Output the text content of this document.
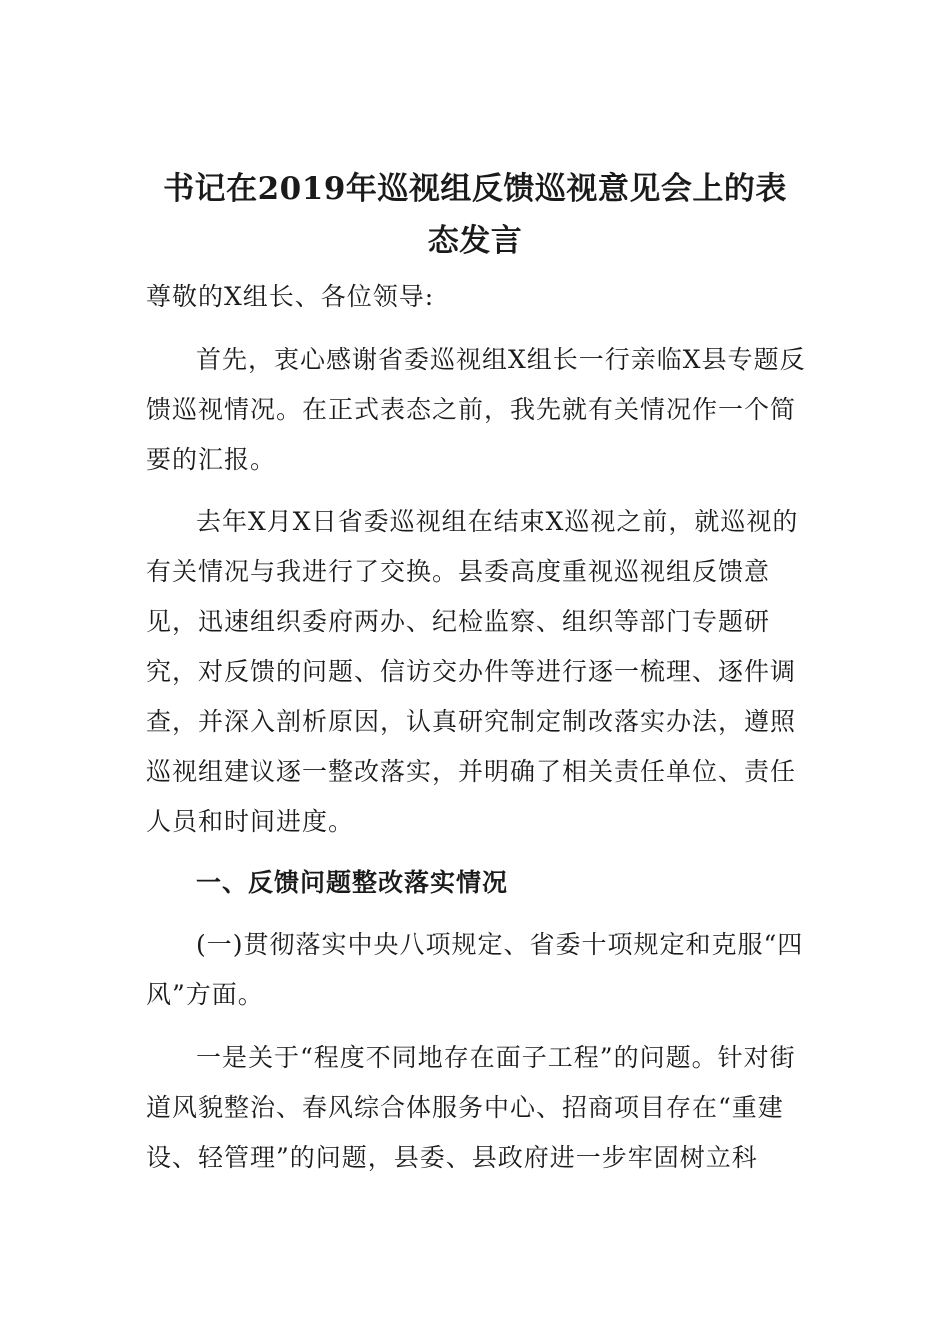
书记在2019年巡视组反馈巡视意见会上的表态发言

尊敬的X组长、各位领导:

首先，衷心感谢省委巡视组X组长一行亲临X县专题反馈巡视情况。在正式表态之前，我先就有关情况作一个简要的汇报。

去年X月X日省委巡视组在结束X巡视之前，就巡视的有关情况与我进行了交换。县委高度重视巡视组反馈意见，迅速组织委府两办、纪检监察、组织等部门专题研究，对反馈的问题、信访交办件等进行逐一梳理、逐件调查，并深入剖析原因，认真研究制定制改落实办法，遵照巡视组建议逐一整改落实，并明确了相关责任单位、责任人员和时间进度。

一、反馈问题整改落实情况

(一)贯彻落实中央八项规定、省委十项规定和克服“四风”方面。

一是关于“程度不同地存在面子工程”的问题。针对街道风貌整治、春风综合体服务中心、招商项目存在“重建设、轻管理”的问题，县委、县政府进一步牢固树立科
